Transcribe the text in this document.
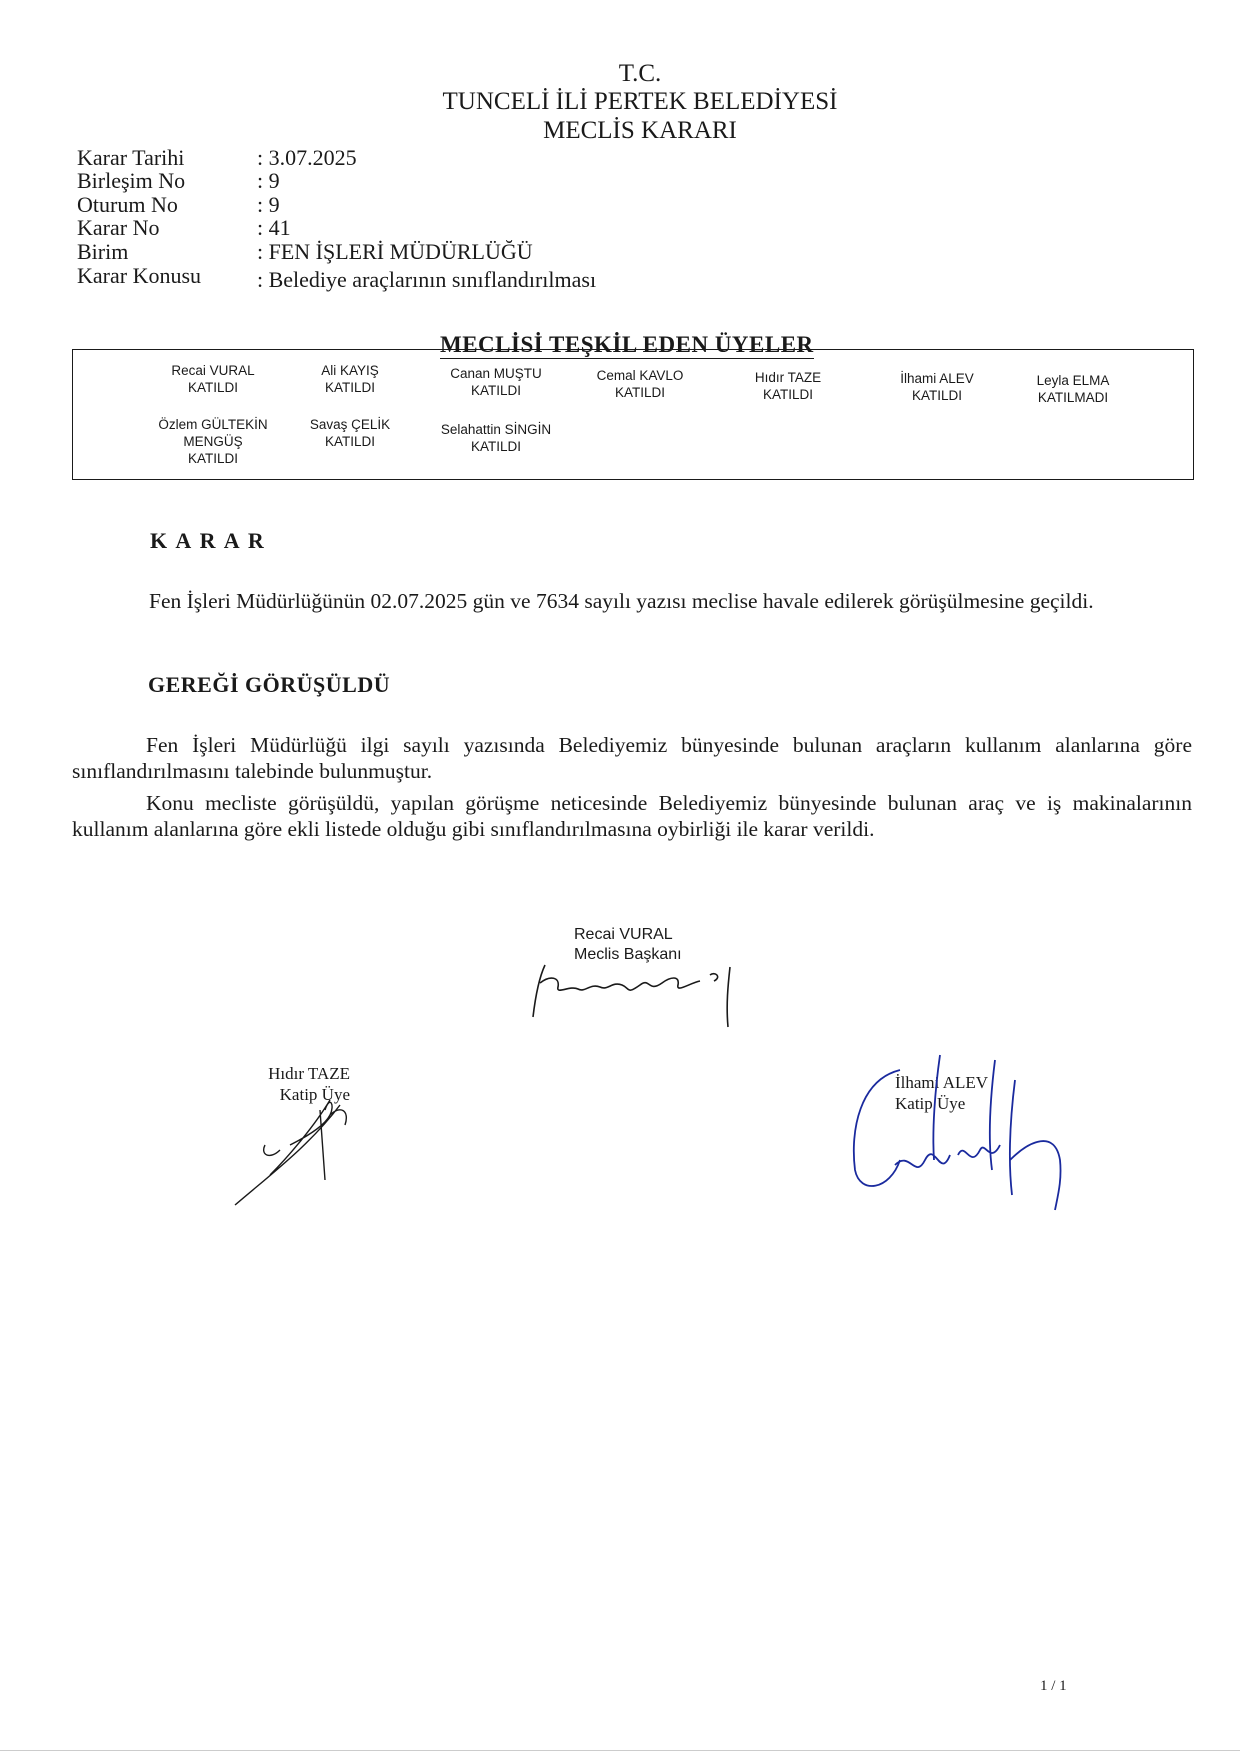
T.C.
TUNCELİ İLİ PERTEK BELEDİYESİ
MECLİS KARARI
Karar Tarihi	: 3.07.2025
Birleşim No	: 9
Oturum No	: 9
Karar No	: 41
Birim	: FEN İŞLERİ MÜDÜRLÜĞÜ
Karar Konusu	: Belediye araçlarının sınıflandırılması
MECLİSİ TEŞKİL EDEN ÜYELER
Recai VURAL
KATILDI
Ali KAYIŞ
KATILDI
Canan MUŞTU
KATILDI
Cemal KAVLO
KATILDI
Hıdır TAZE
KATILDI
İlhami ALEV
KATILDI
Leyla ELMA
KATILMADI
Özlem GÜLTEKİN MENGÜŞ
KATILDI
Savaş ÇELİK
KATILDI
Selahattin SİNGİN
KATILDI
K A R A R
Fen İşleri Müdürlüğünün 02.07.2025 gün ve 7634 sayılı yazısı meclise havale edilerek görüşülmesine geçildi.
GEREĞİ GÖRÜŞÜLDÜ
Fen İşleri Müdürlüğü ilgi sayılı yazısında Belediyemiz bünyesinde bulunan araçların kullanım alanlarına göre sınıflandırılmasını talebinde bulunmuştur.
Konu mecliste görüşüldü, yapılan görüşme neticesinde Belediyemiz bünyesinde bulunan araç ve iş makinalarının kullanım alanlarına göre ekli listede olduğu gibi sınıflandırılmasına oybirliği ile karar verildi.
Recai VURAL
Meclis Başkanı
Hıdır TAZE
Katip Üye
İlhami ALEV
Katip Üye
1 / 1
